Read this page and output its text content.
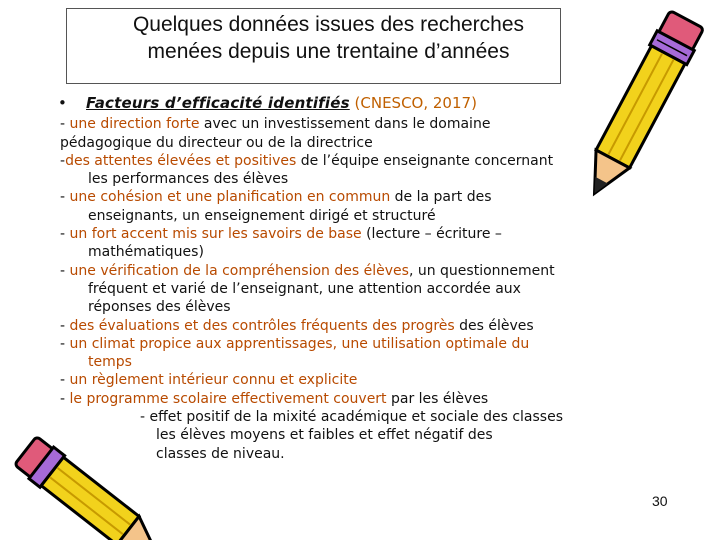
Quelques données issues des recherches
menées depuis une trentaine d’années
• Facteurs d’efficacité identifiés (CNESCO, 2017)
- une direction forte avec un investissement dans le domaine
pédagogique du directeur ou de la directrice
-des attentes élevées et positives de l’équipe enseignante concernant
les performances des élèves
- une cohésion et une planification en commun de la part des
enseignants, un enseignement dirigé et structuré
- un fort accent mis sur les savoirs de base (lecture – écriture –
mathématiques)
- une vérification de la compréhension des élèves, un questionnement
fréquent et varié de l’enseignant, une attention accordée aux
réponses des élèves
- des évaluations et des contrôles fréquents des progrès des élèves
- un climat propice aux apprentissages, une utilisation optimale du
temps
- un règlement intérieur connu et explicite
- le programme scolaire effectivement couvert par les élèves
- effet positif de la mixité académique et sociale des classes
les élèves moyens et faibles et effet négatif des
classes de niveau.
30
